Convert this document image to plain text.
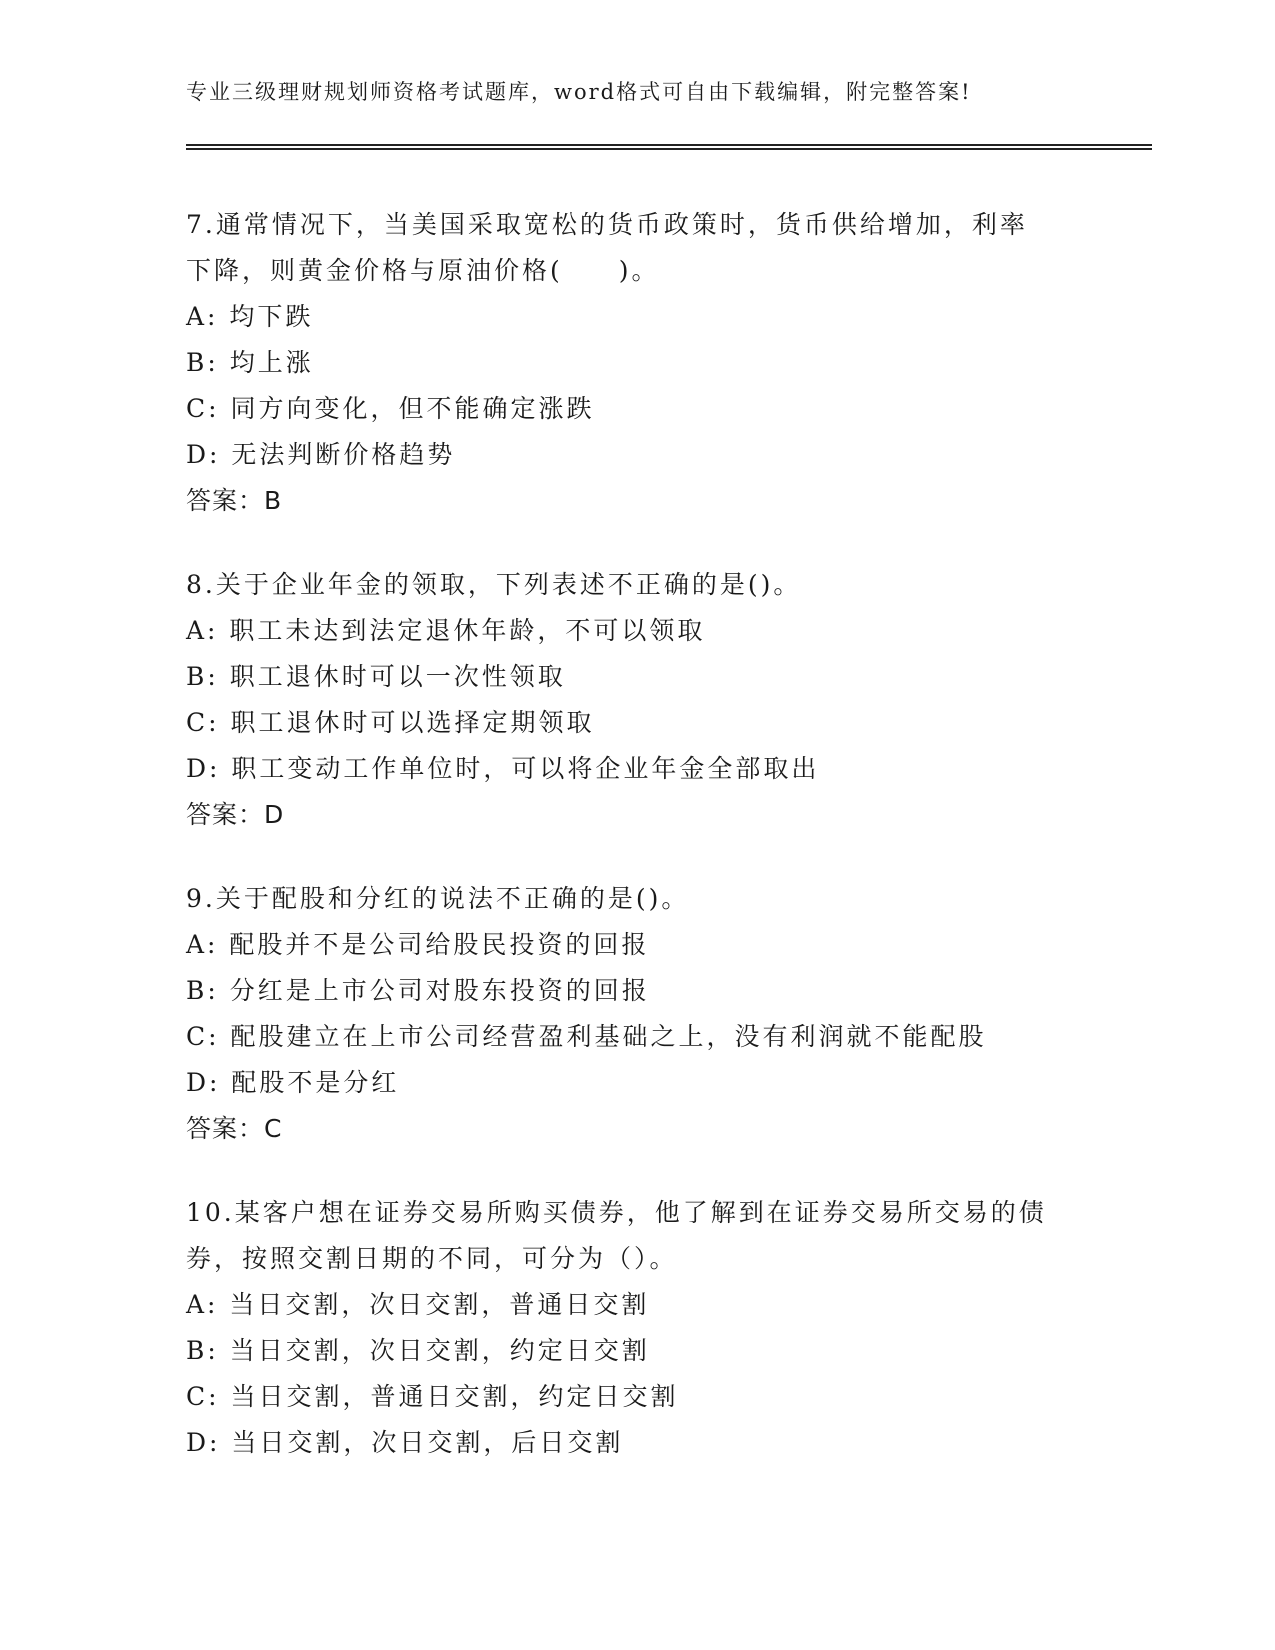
专业三级理财规划师资格考试题库，word格式可自由下载编辑，附完整答案!
7.通常情况下，当美国采取宽松的货币政策时，货币供给增加，利率
下降，则黄金价格与原油价格(　　)。
A: 均下跌
B: 均上涨
C: 同方向变化，但不能确定涨跌
D: 无法判断价格趋势
答案：B
8.关于企业年金的领取，下列表述不正确的是()。
A: 职工未达到法定退休年龄，不可以领取
B: 职工退休时可以一次性领取
C: 职工退休时可以选择定期领取
D: 职工变动工作单位时，可以将企业年金全部取出
答案：D
9.关于配股和分红的说法不正确的是()。
A: 配股并不是公司给股民投资的回报
B: 分红是上市公司对股东投资的回报
C: 配股建立在上市公司经营盈利基础之上，没有利润就不能配股
D: 配股不是分红
答案：C
10.某客户想在证券交易所购买债券，他了解到在证券交易所交易的债
券，按照交割日期的不同，可分为（）。
A: 当日交割，次日交割，普通日交割
B: 当日交割，次日交割，约定日交割
C: 当日交割，普通日交割，约定日交割
D: 当日交割，次日交割，后日交割
